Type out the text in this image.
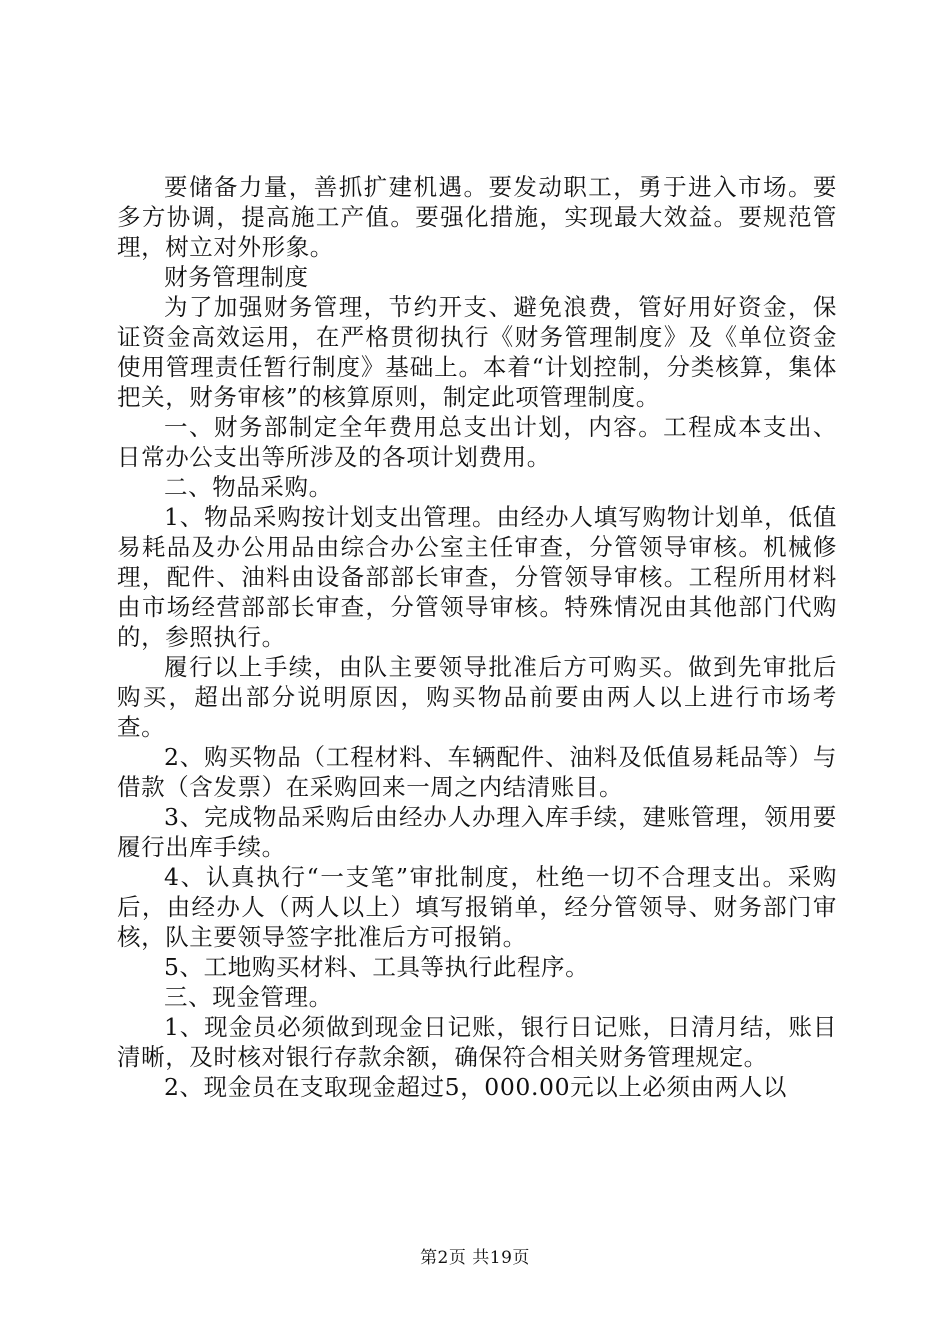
要储备力量，善抓扩建机遇。要发动职工，勇于进入市场。要多方协调，提高施工产值。要强化措施，实现最大效益。要规范管理，树立对外形象。

财务管理制度

为了加强财务管理，节约开支、避免浪费，管好用好资金，保证资金高效运用，在严格贯彻执行《财务管理制度》及《单位资金使用管理责任暂行制度》基础上。本着“计划控制，分类核算，集体把关，财务审核”的核算原则，制定此项管理制度。

一、财务部制定全年费用总支出计划，内容。工程成本支出、日常办公支出等所涉及的各项计划费用。

二、物品采购。

1、物品采购按计划支出管理。由经办人填写购物计划单，低值易耗品及办公用品由综合办公室主任审查，分管领导审核。机械修理，配件、油料由设备部部长审查，分管领导审核。工程所用材料由市场经营部部长审查，分管领导审核。特殊情况由其他部门代购的，参照执行。

履行以上手续，由队主要领导批准后方可购买。做到先审批后购买，超出部分说明原因，购买物品前要由两人以上进行市场考查。

2、购买物品（工程材料、车辆配件、油料及低值易耗品等）与借款（含发票）在采购回来一周之内结清账目。

3、完成物品采购后由经办人办理入库手续，建账管理，领用要履行出库手续。

4、认真执行“一支笔”审批制度，杜绝一切不合理支出。采购后，由经办人（两人以上）填写报销单，经分管领导、财务部门审核，队主要领导签字批准后方可报销。

5、工地购买材料、工具等执行此程序。

三、现金管理。

1、现金员必须做到现金日记账，银行日记账，日清月结，账目清晰，及时核对银行存款余额，确保符合相关财务管理规定。

2、现金员在支取现金超过5，000.00元以上必须由两人以

第2页 共19页
